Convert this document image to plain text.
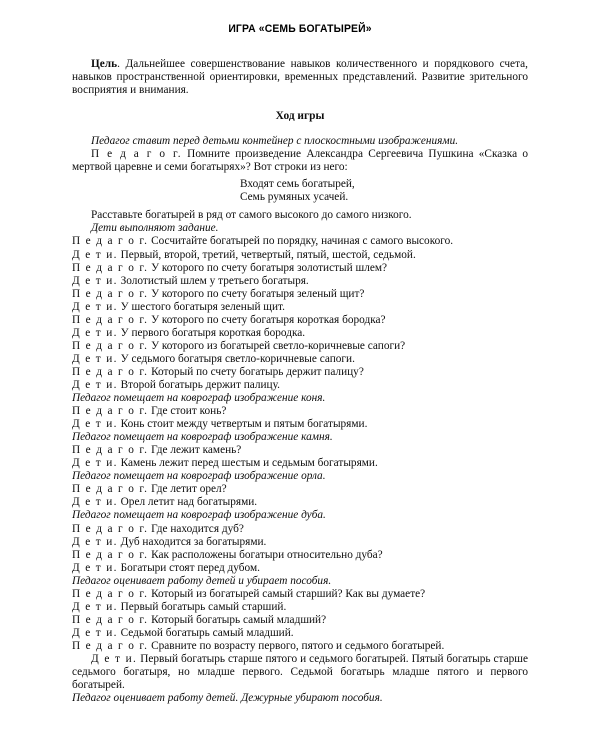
ИГРА «СЕМЬ БОГАТЫРЕЙ»

Цель. Дальнейшее совершенствование навыков количественного и порядкового счета, навыков пространственной ориентировки, временных представлений. Развитие зрительного восприятия и внимания.

Ход игры

Педагог ставит перед детьми контейнер с плоскостными изображениями.

П е д а г о г. Помните произведение Александра Сергеевича Пушкина «Сказка о мертвой царевне и семи богатырях»? Вот строки из него:

Входят семь богатырей,

Семь румяных усачей.

Расставьте богатырей в ряд от самого высокого до самого низкого.

Дети выполняют задание.

П е д а г о г. Сосчитайте богатырей по порядку, начиная с самого высокого.

Д е т и. Первый, второй, третий, четвертый, пятый, шестой, седьмой.

П е д а г о г. У которого по счету богатыря золотистый шлем?

Д е т и. Золотистый шлем у третьего богатыря.

П е д а г о г. У которого по счету богатыря зеленый щит?

Д е т и. У шестого богатыря зеленый щит.

П е д а г о г. У которого по счету богатыря короткая бородка?

Д е т и. У первого богатыря короткая бородка.

П е д а г о г. У которого из богатырей светло-коричневые сапоги?

Д е т и. У седьмого богатыря светло-коричневые сапоги.

П е д а г о г. Который по счету богатырь держит палицу?

Д е т и. Второй богатырь держит палицу.

Педагог помещает на коврограф изображение коня.

П е д а г о г. Где стоит конь?

Д е т и. Конь стоит между четвертым и пятым богатырями.

Педагог помещает на коврограф изображение камня.

П е д а г о г. Где лежит камень?

Д е т и. Камень лежит перед шестым и седьмым богатырями.

Педагог помещает на коврограф изображение орла.

П е д а г о г. Где летит орел?

Д е т и. Орел летит над богатырями.

Педагог помещает на коврограф изображение дуба.

П е д а г о г. Где находится дуб?

Д е т и. Дуб находится за богатырями.

П е д а г о г. Как расположены богатыри относительно дуба?

Д е т и. Богатыри стоят перед дубом.

Педагог оценивает работу детей и убирает пособия.

П е д а г о г. Который из богатырей самый старший? Как вы думаете?

Д е т и. Первый богатырь самый старший.

П е д а г о г. Который богатырь самый младший?

Д е т и. Седьмой богатырь самый младший.

П е д а г о г. Сравните по возрасту первого, пятого и седьмого богатырей.

Д е т и. Первый богатырь старше пятого и седьмого богатырей. Пятый богатырь старше седьмого богатыря, но младше первого. Седьмой богатырь младше пятого и первого богатырей.

Педагог оценивает работу детей. Дежурные убирают пособия.
